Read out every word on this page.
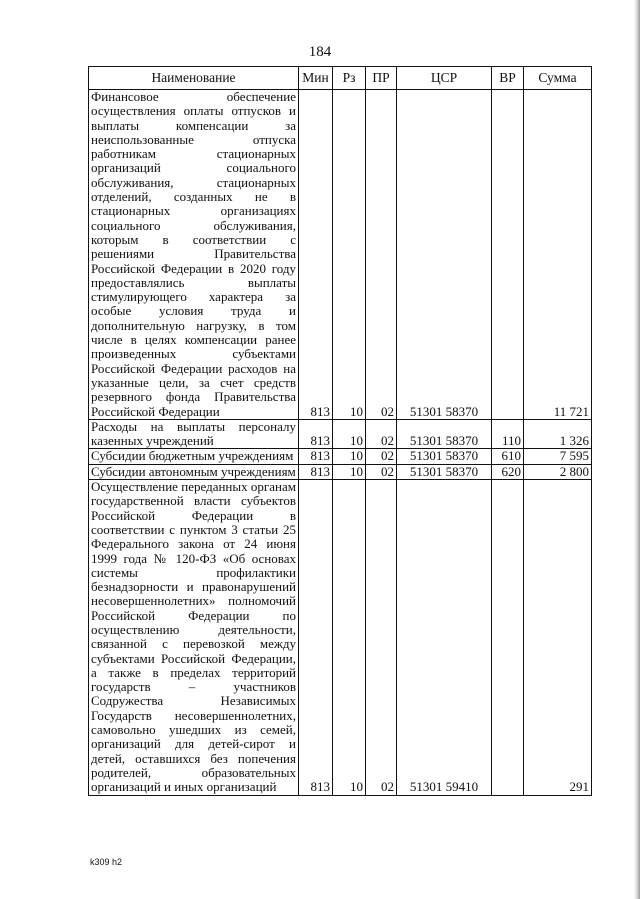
184
Наименование	Мин	Рз	ПР	ЦСР	ВР	Сумма
Финансовое обеспечение осуществления оплаты отпусков и выплаты компенсации за неиспользованные отпуска работникам стационарных организаций социального обслуживания, стационарных отделений, созданных не в стационарных организациях социального обслуживания, которым в соответствии с решениями Правительства Российской Федерации в 2020 году предоставлялись выплаты стимулирующего характера за особые условия труда и дополнительную нагрузку, в том числе в целях компенсации ранее произведенных субъектами Российской Федерации расходов на указанные цели, за счет средств резервного фонда Правительства Российской Федерации	813	10	02	51301 58370		11 721
Расходы на выплаты персоналу казенных учреждений	813	10	02	51301 58370	110	1 326
Субсидии бюджетным учреждениям	813	10	02	51301 58370	610	7 595
Субсидии автономным учреждениям	813	10	02	51301 58370	620	2 800
Осуществление переданных органам государственной власти субъектов Российской Федерации в соответствии с пунктом 3 статьи 25 Федерального закона от 24 июня 1999 года № 120-ФЗ «Об основах системы профилактики безнадзорности и правонарушений несовершеннолетних» полномочий Российской Федерации по осуществлению деятельности, связанной с перевозкой между субъектами Российской Федерации, а также в пределах территорий государств – участников Содружества Независимых Государств несовершеннолетних, самовольно ушедших из семей, организаций для детей-сирот и детей, оставшихся без попечения родителей, образовательных организаций и иных организаций	813	10	02	51301 59410		291
k309 h2
